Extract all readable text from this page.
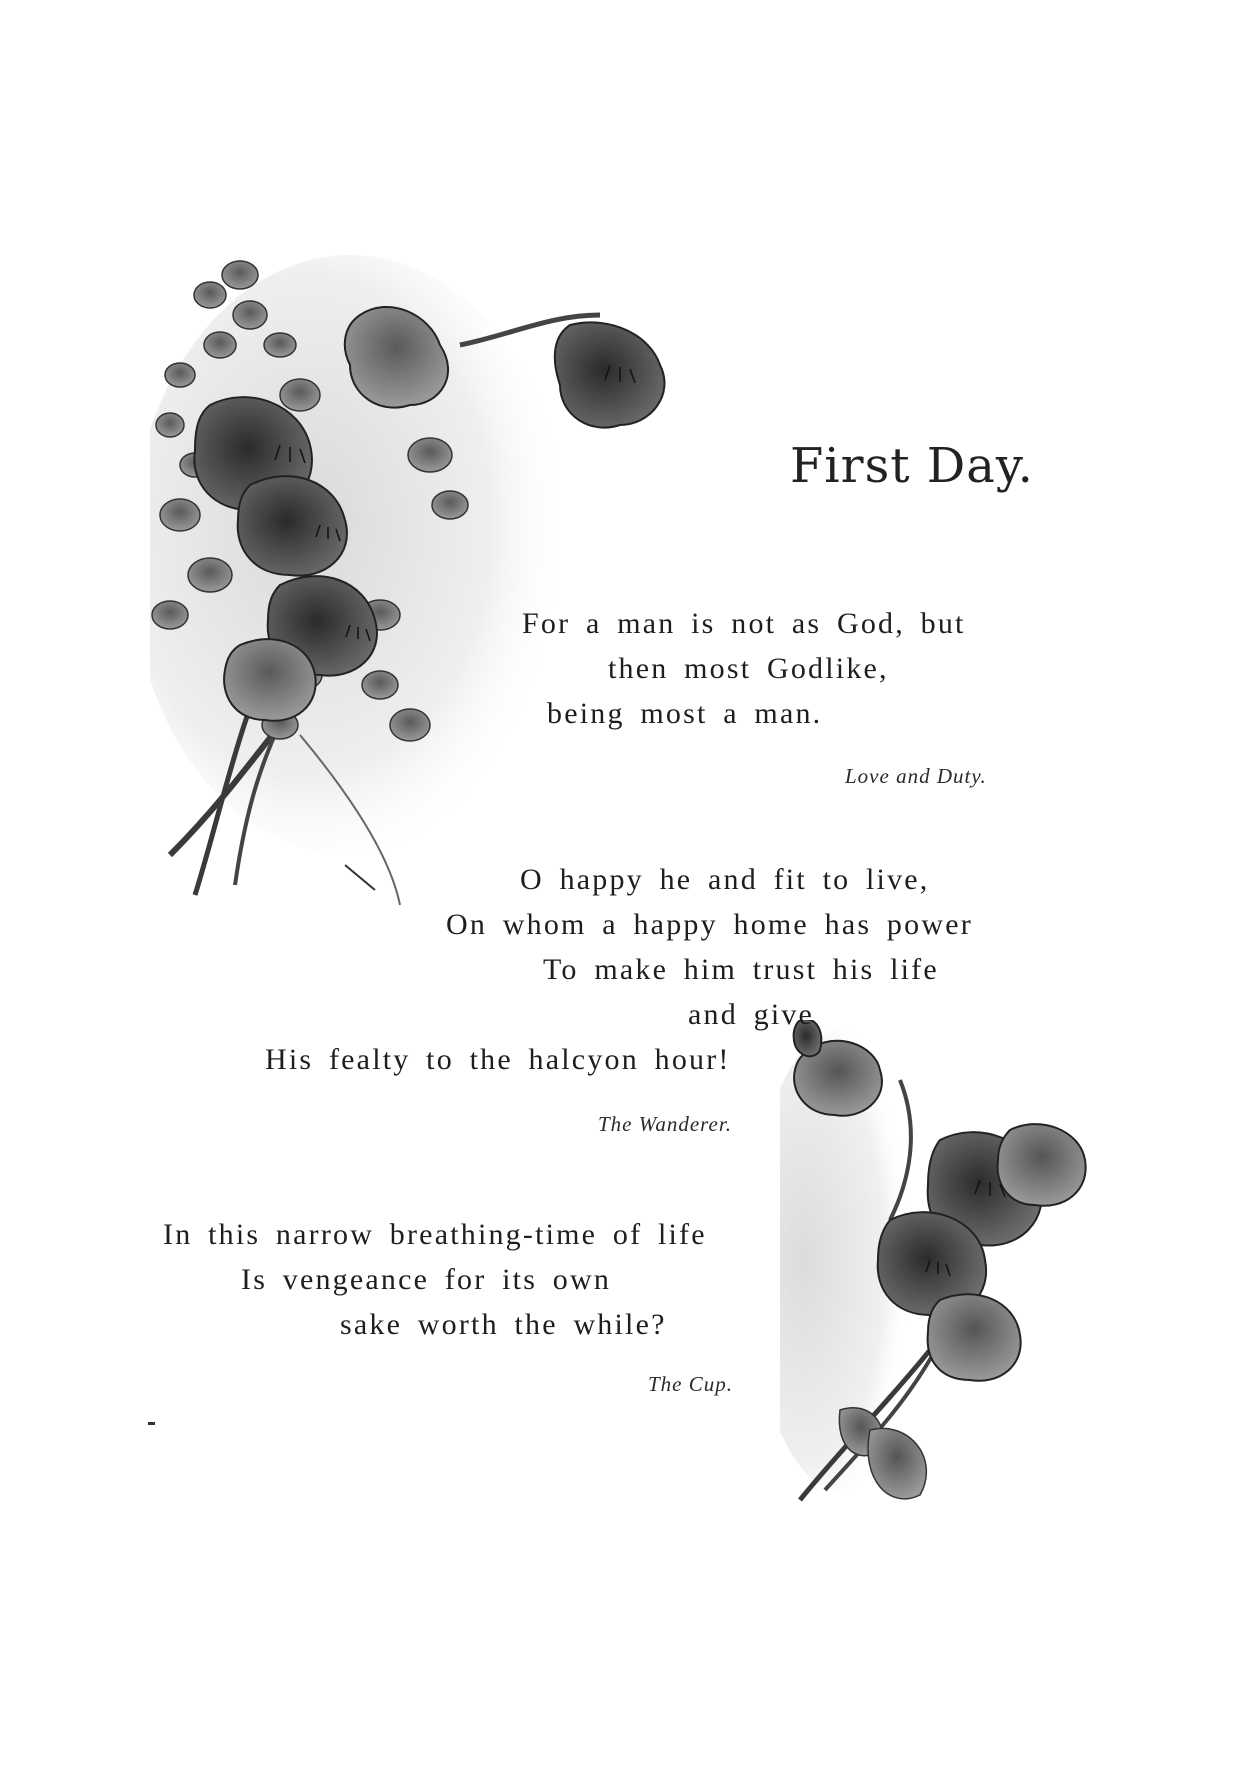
First Day.
For a man is not as God, but
then most Godlike,
being most a man.
Love and Duty.
O happy he and fit to live,
On whom a happy home has power
To make him trust his life
and give
His fealty to the halcyon hour!
The Wanderer.
In this narrow breathing-time of life
Is vengeance for its own
sake worth the while?
The Cup.
